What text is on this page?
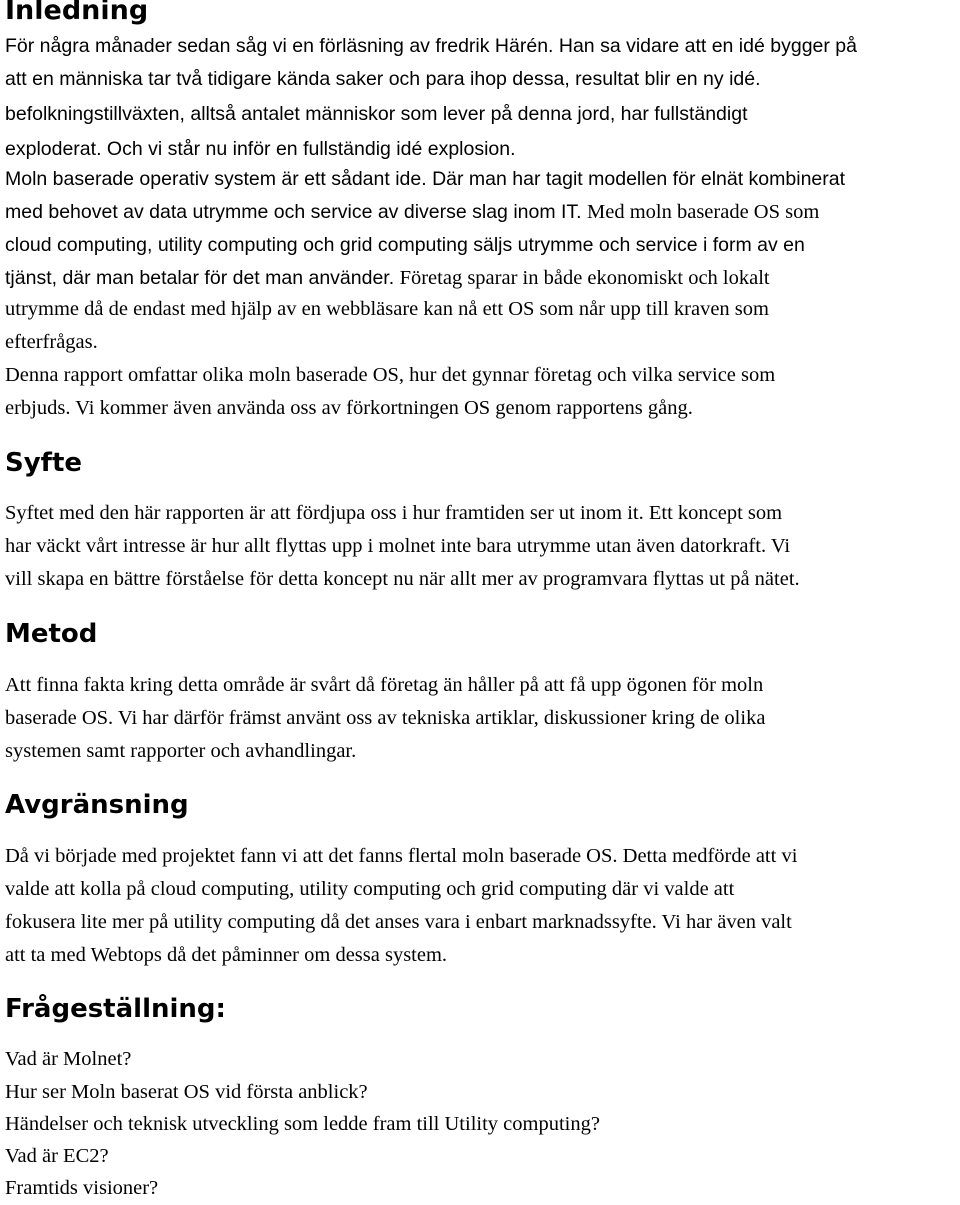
Inledning
För några månader sedan såg vi en förläsning av fredrik Härén. Han sa vidare att en idé bygger på
att en människa tar två tidigare kända saker och para ihop dessa, resultat blir en ny idé.
befolkningstillväxten, alltså antalet människor som lever på denna jord, har fullständigt
exploderat. Och vi står nu inför en fullständig idé explosion.
Moln baserade operativ system är ett sådant ide. Där man har tagit modellen för elnät kombinerat
med behovet av data utrymme och service av diverse slag inom IT. Med moln baserade OS som
cloud computing, utility computing och grid computing säljs utrymme och service i form av en
tjänst, där man betalar för det man använder. Företag sparar in både ekonomiskt och lokalt
utrymme då de endast med hjälp av en webbläsare kan nå ett OS som når upp till kraven som
efterfrågas.
Denna rapport omfattar olika moln baserade OS, hur det gynnar företag och vilka service som
erbjuds. Vi kommer även använda oss av förkortningen OS genom rapportens gång.
Syfte
Syftet med den här rapporten är att fördjupa oss i hur framtiden ser ut inom it. Ett koncept som
har väckt vårt intresse är hur allt flyttas upp i molnet inte bara utrymme utan även datorkraft. Vi
vill skapa en bättre förståelse för detta koncept nu när allt mer av programvara flyttas ut på nätet.
Metod
Att finna fakta kring detta område är svårt då företag än håller på att få upp ögonen för moln
baserade OS. Vi har därför främst använt oss av tekniska artiklar, diskussioner kring de olika
systemen samt rapporter och avhandlingar.
Avgränsning
Då vi började med projektet fann vi att det fanns flertal moln baserade OS. Detta medförde att vi
valde att kolla på cloud computing, utility computing och grid computing där vi valde att
fokusera lite mer på utility computing då det anses vara i enbart marknadssyfte. Vi har även valt
att ta med Webtops då det påminner om dessa system.
Frågeställning:
Vad är Molnet?
Hur ser Moln baserat OS vid första anblick?
Händelser och teknisk utveckling som ledde fram till Utility computing?
Vad är EC2?
Framtids visioner?
